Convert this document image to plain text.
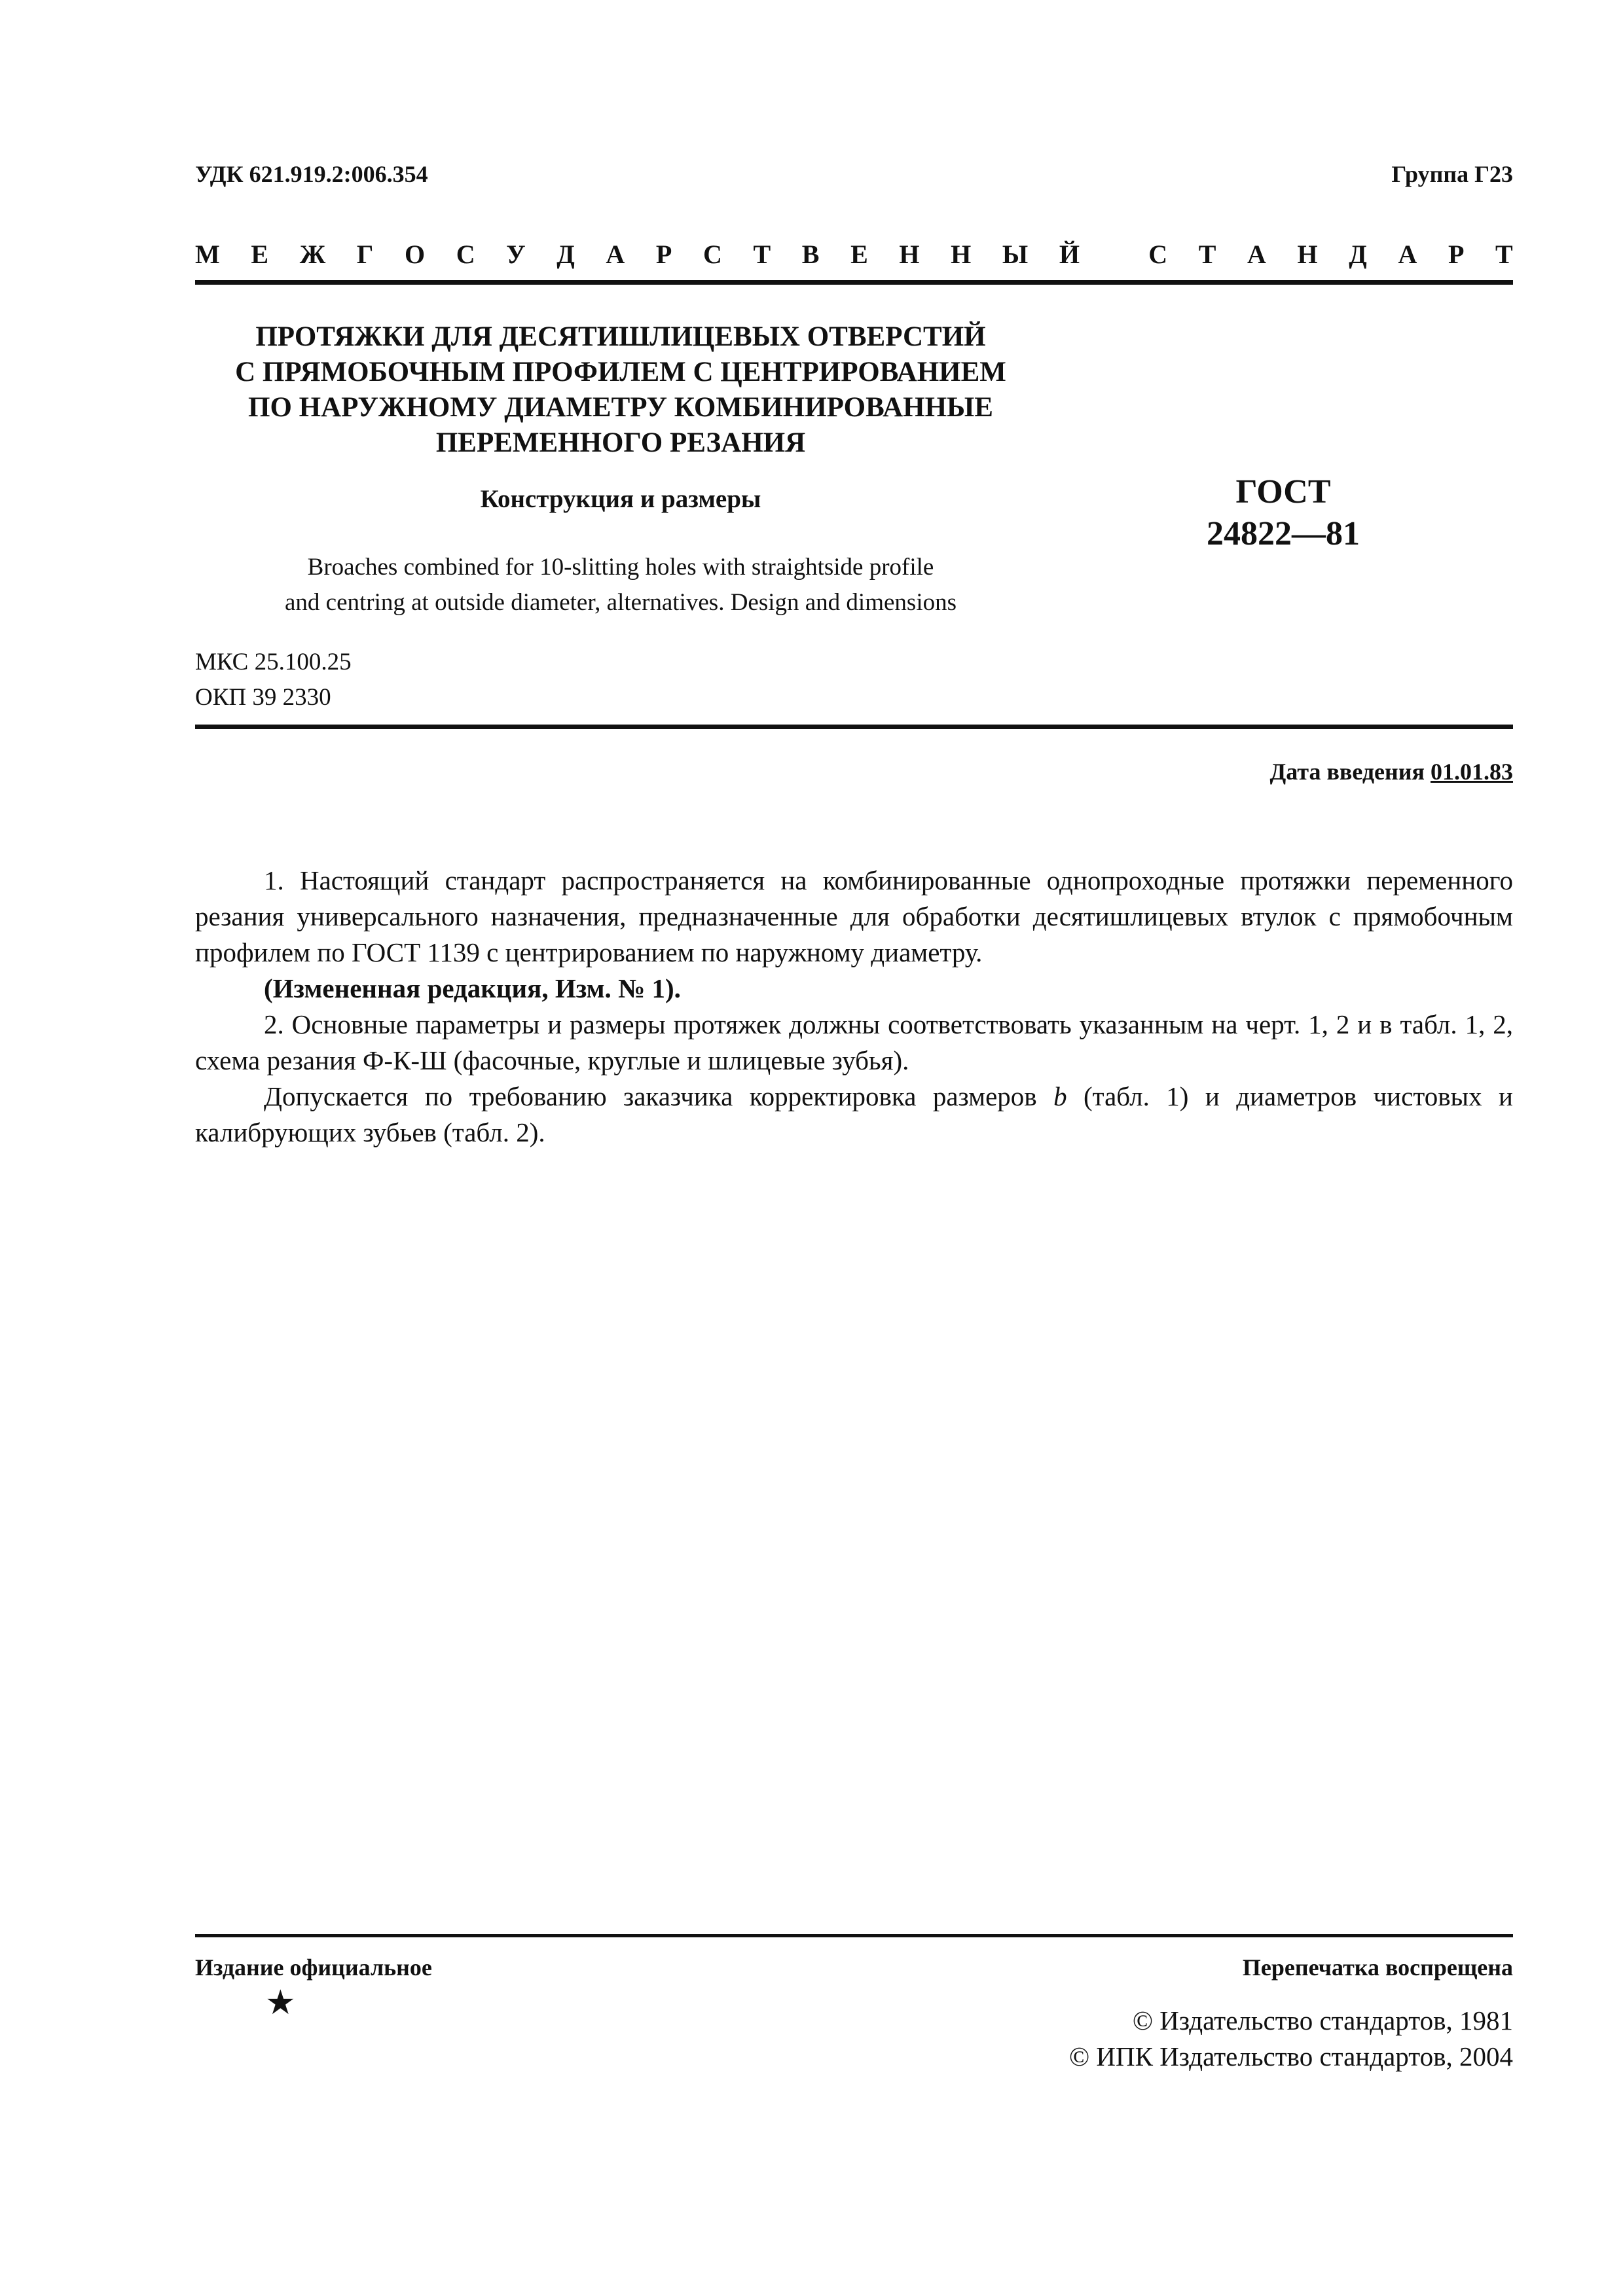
УДК 621.919.2:006.354	Группа Г23
М Е Ж Г О С У Д А Р С Т В Е Н Н Ы Й
	С Т А Н Д А Р Т
ПРОТЯЖКИ ДЛЯ ДЕСЯТИШЛИЦЕВЫХ ОТВЕРСТИЙ
С ПРЯМОБОЧНЫМ ПРОФИЛЕМ С ЦЕНТРИРОВАНИЕМ
ПО НАРУЖНОМУ ДИАМЕТРУ КОМБИНИРОВАННЫЕ
ПЕРЕМЕННОГО РЕЗАНИЯ
Конструкция и размеры	ГОСТ
24822—81
Broaches combined for 10-slitting holes with straightside profile
and centring at outside diameter, alternatives. Design and dimensions
МКС 25.100.25
ОКП 39 2330
Дата введения 01.01.83

1. Настоящий стандарт распространяется на комбинированные однопроходные протяжки переменного резания универсального назначения, предназначенные для обработки десятишлицевых втулок с прямобочным профилем по ГОСТ 1139 с центрированием по наружному диаметру.

(Измененная редакция, Изм. № 1).

2. Основные параметры и размеры протяжек должны соответствовать указанным на черт. 1, 2 и в табл. 1, 2, схема резания Ф-К-Ш (фасочные, круглые и шлицевые зубья).

Допускается по требованию заказчика корректировка размеров b (табл. 1) и диаметров чистовых и калибрующих зубьев (табл. 2).

Издание официальное	Перепечатка воспрещена
★	© Издательство стандартов, 1981
© ИПК Издательство стандартов, 2004
